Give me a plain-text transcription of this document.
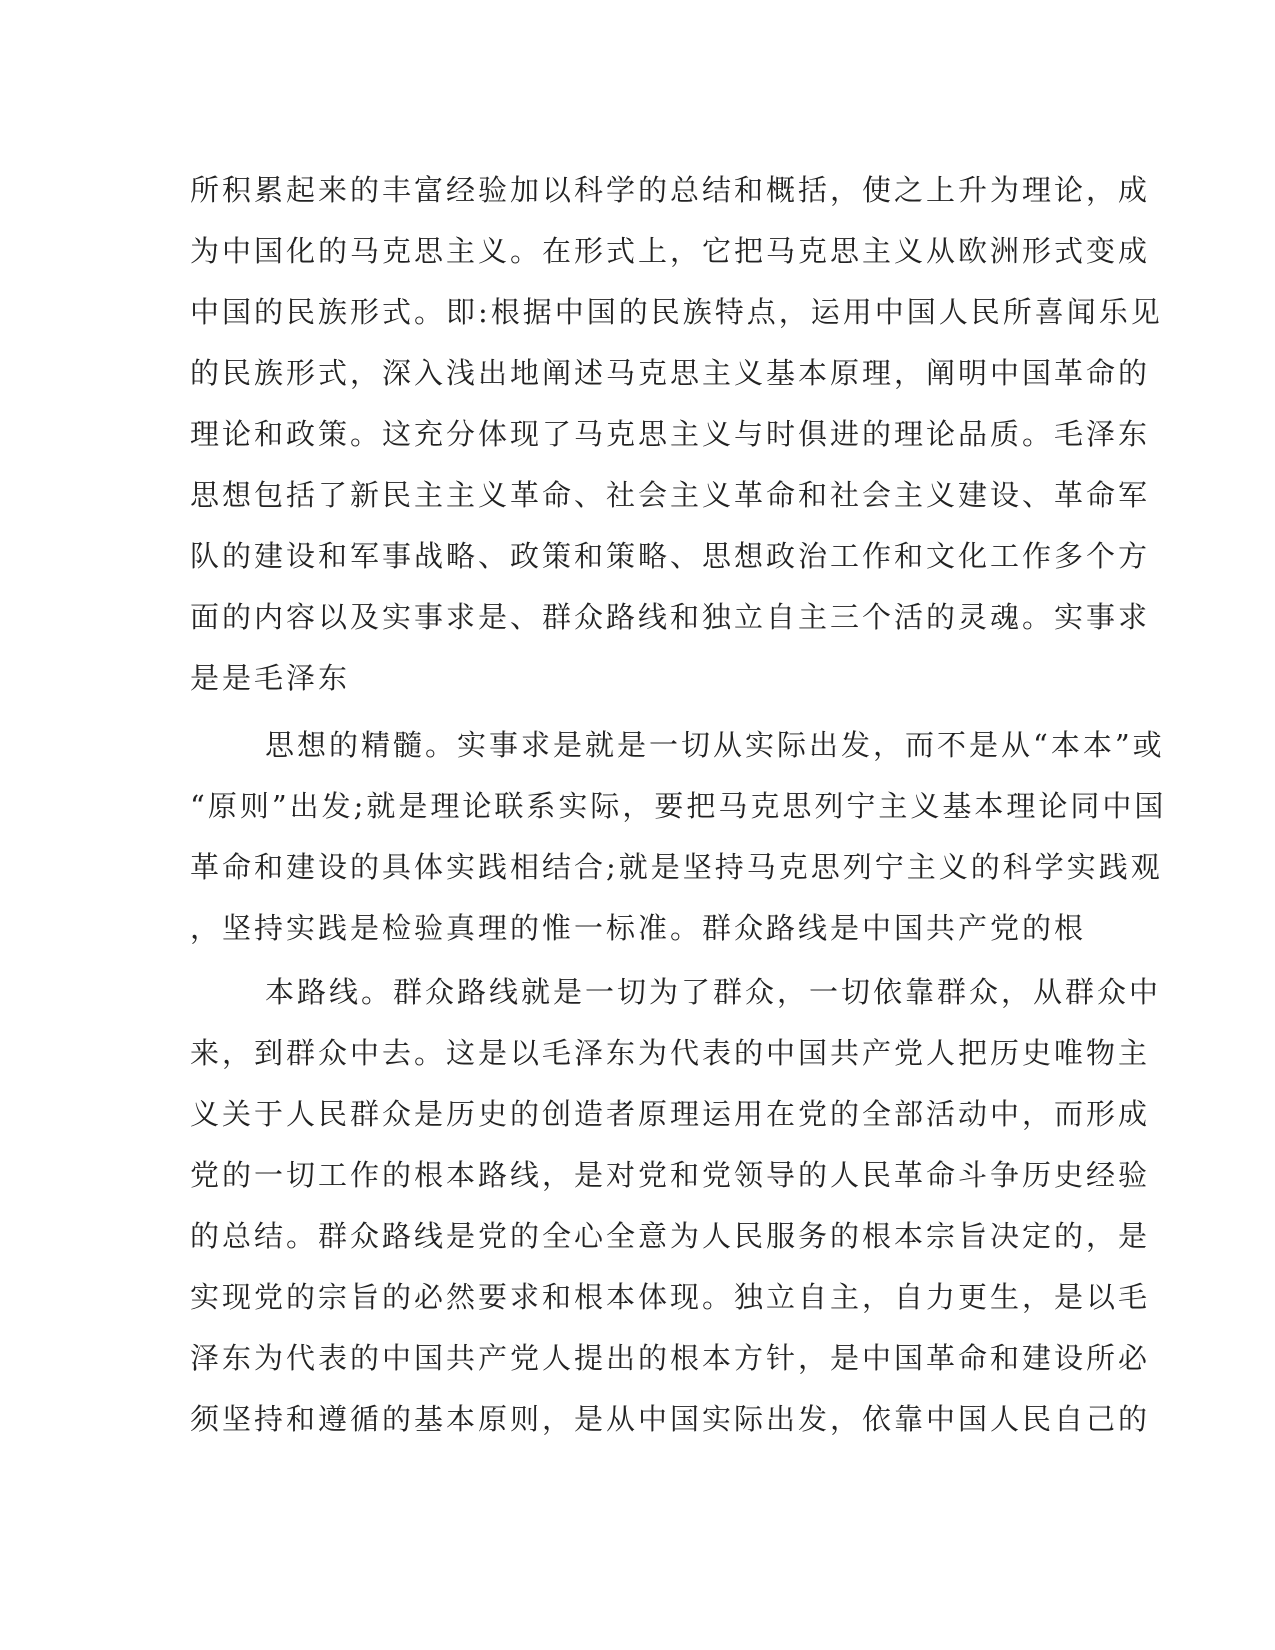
所积累起来的丰富经验加以科学的总结和概括，使之上升为理论，成
为中国化的马克思主义。在形式上，它把马克思主义从欧洲形式变成
中国的民族形式。即:根据中国的民族特点，运用中国人民所喜闻乐见
的民族形式，深入浅出地阐述马克思主义基本原理，阐明中国革命的
理论和政策。这充分体现了马克思主义与时俱进的理论品质。毛泽东
思想包括了新民主主义革命、社会主义革命和社会主义建设、革命军
队的建设和军事战略、政策和策略、思想政治工作和文化工作多个方
面的内容以及实事求是、群众路线和独立自主三个活的灵魂。实事求
是是毛泽东
思想的精髓。实事求是就是一切从实际出发，而不是从“本本”或
“原则”出发;就是理论联系实际，要把马克思列宁主义基本理论同中国
革命和建设的具体实践相结合;就是坚持马克思列宁主义的科学实践观
，坚持实践是检验真理的惟一标准。群众路线是中国共产党的根
本路线。群众路线就是一切为了群众，一切依靠群众，从群众中
来，到群众中去。这是以毛泽东为代表的中国共产党人把历史唯物主
义关于人民群众是历史的创造者原理运用在党的全部活动中，而形成
党的一切工作的根本路线，是对党和党领导的人民革命斗争历史经验
的总结。群众路线是党的全心全意为人民服务的根本宗旨决定的，是
实现党的宗旨的必然要求和根本体现。独立自主，自力更生，是以毛
泽东为代表的中国共产党人提出的根本方针，是中国革命和建设所必
须坚持和遵循的基本原则，是从中国实际出发，依靠中国人民自己的
